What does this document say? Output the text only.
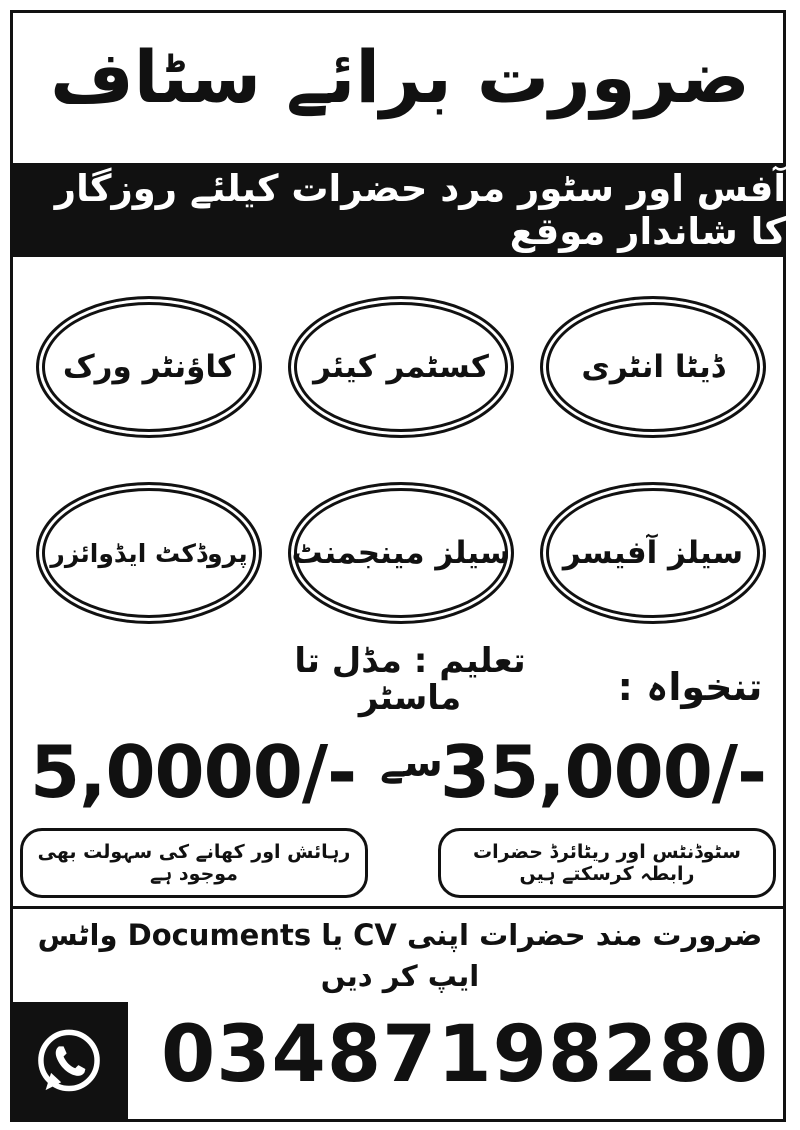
ضرورت برائے سٹاف
آفس اور سٹور مرد حضرات کیلئے روزگار کا شاندار موقع
ڈیٹا انٹری
کسٹمر کیئر
کاؤنٹر ورک
سیلز آفیسر
سیلز مینجمنٹ
پروڈکٹ ایڈوائزر
تعلیم : مڈل تا ماسٹر	تنخواہ :
35,000/-
سے
5,0000/-
سٹوڈنٹس اور ریٹائرڈ حضرات رابطہ کرسکتے ہیں
رہائش اور کھانے کی سہولت بھی موجود ہے
ضرورت مند حضرات اپنی CV یا Documents واٹس ایپ کر دیں
03487198280
